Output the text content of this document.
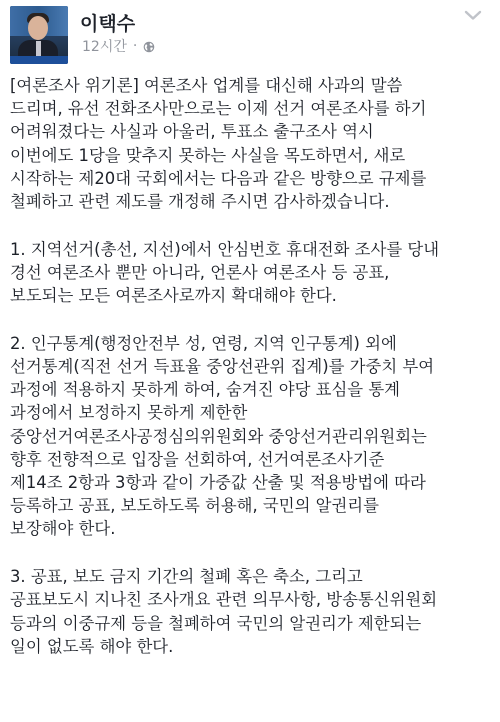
이택수
12시간 ·

[여론조사 위기론] 여론조사 업계를 대신해 사과의 말씀

드리며, 유선 전화조사만으로는 이제 선거 여론조사를 하기

어려워졌다는 사실과 아울러, 투표소 출구조사 역시

이번에도 1당을 맞추지 못하는 사실을 목도하면서, 새로

시작하는 제20대 국회에서는 다음과 같은 방향으로 규제를

철폐하고 관련 제도를 개정해 주시면 감사하겠습니다.

1. 지역선거(총선, 지선)에서 안심번호 휴대전화 조사를 당내

경선 여론조사 뿐만 아니라, 언론사 여론조사 등 공표,

보도되는 모든 여론조사로까지 확대해야 한다.

2. 인구통계(행정안전부 성, 연령, 지역 인구통계) 외에

선거통계(직전 선거 득표율 중앙선관위 집계)를 가중치 부여

과정에 적용하지 못하게 하여, 숨겨진 야당 표심을 통계

과정에서 보정하지 못하게 제한한

중앙선거여론조사공정심의위원회와 중앙선거관리위원회는

향후 전향적으로 입장을 선회하여, 선거여론조사기준

제14조 2항과 3항과 같이 가중값 산출 및 적용방법에 따라

등록하고 공표, 보도하도록 허용해, 국민의 알권리를

보장해야 한다.

3. 공표, 보도 금지 기간의 철폐 혹은 축소, 그리고

공표보도시 지나친 조사개요 관련 의무사항, 방송통신위원회

등과의 이중규제 등을 철폐하여 국민의 알권리가 제한되는

일이 없도록 해야 한다.
